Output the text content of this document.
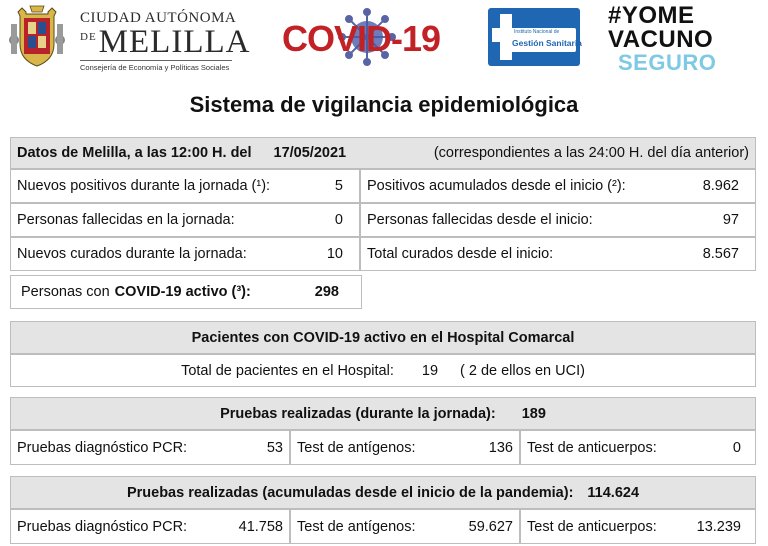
CIUDAD AUTÓNOMA
$^{DE}$MELILLA
Consejería de Economía y Políticas Sociales
COVID-19	Instituto Nacional de
Gestión Sanitaria
#YOME
VACUNO
SEGURO
Sistema de vigilancia epidemiológica
Datos de Melilla, a las 12:00 H. del 17/05/2021	(correspondientes a las 24:00 H. del día anterior)
Nuevos positivos durante la jornada (¹):	5 Positivos acumulados desde el inicio (²):	8.962
Personas fallecidas en la jornada:	0 Personas fallecidas desde el inicio:	97
Nuevos curados durante la jornada:	10 Total curados desde el inicio:	8.567
Personas con COVID-19 activo (³):	298
Pacientes con COVID-19 activo en el Hospital Comarcal
Total de pacientes en el Hospital: 19 ( 2 de ellos en UCI)
Pruebas realizadas (durante la jornada): 189
Pruebas diagnóstico PCR:	53 Test de antígenos:	136 Test de anticuerpos:	0
Pruebas realizadas (acumuladas desde el inicio de la pandemia): 114.624
Pruebas diagnóstico PCR:	41.758 Test de antígenos:	59.627 Test de anticuerpos:	13.239
